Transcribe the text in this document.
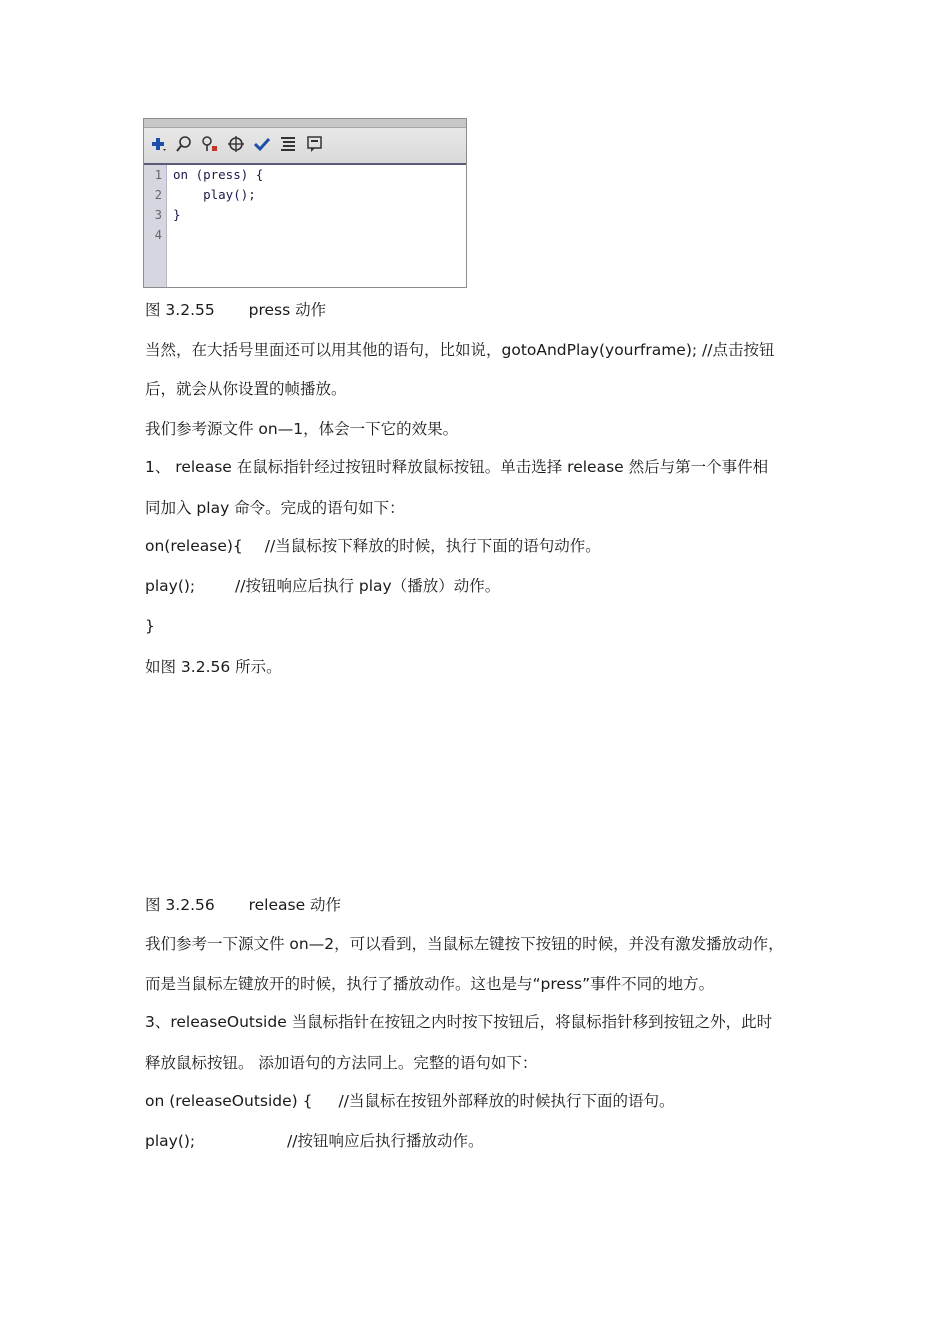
1
2
3
4
on (press) {
play();
}
图 3.2.55 press 动作
当然，在大括号里面还可以用其他的语句，比如说，gotoAndPlay(yourframe); //点击按钮
后，就会从你设置的帧播放。
我们参考源文件 on—1，体会一下它的效果。
1、 release 在鼠标指针经过按钮时释放鼠标按钮。单击选择 release 然后与第一个事件相
同加入 play 命令。完成的语句如下：
on(release){ //当鼠标按下释放的时候，执行下面的语句动作。
play();	//按钮响应后执行 play（播放）动作。
}
如图 3.2.56 所示。
图 3.2.56 release 动作
我们参考一下源文件 on—2，可以看到，当鼠标左键按下按钮的时候，并没有激发播放动作，
而是当鼠标左键放开的时候，执行了播放动作。这也是与“press”事件不同的地方。
3、releaseOutside 当鼠标指针在按钮之内时按下按钮后，将鼠标指针移到按钮之外，此时
释放鼠标按钮。 添加语句的方法同上。完整的语句如下：
on (releaseOutside) { //当鼠标在按钮外部释放的时候执行下面的语句。
play();	//按钮响应后执行播放动作。
